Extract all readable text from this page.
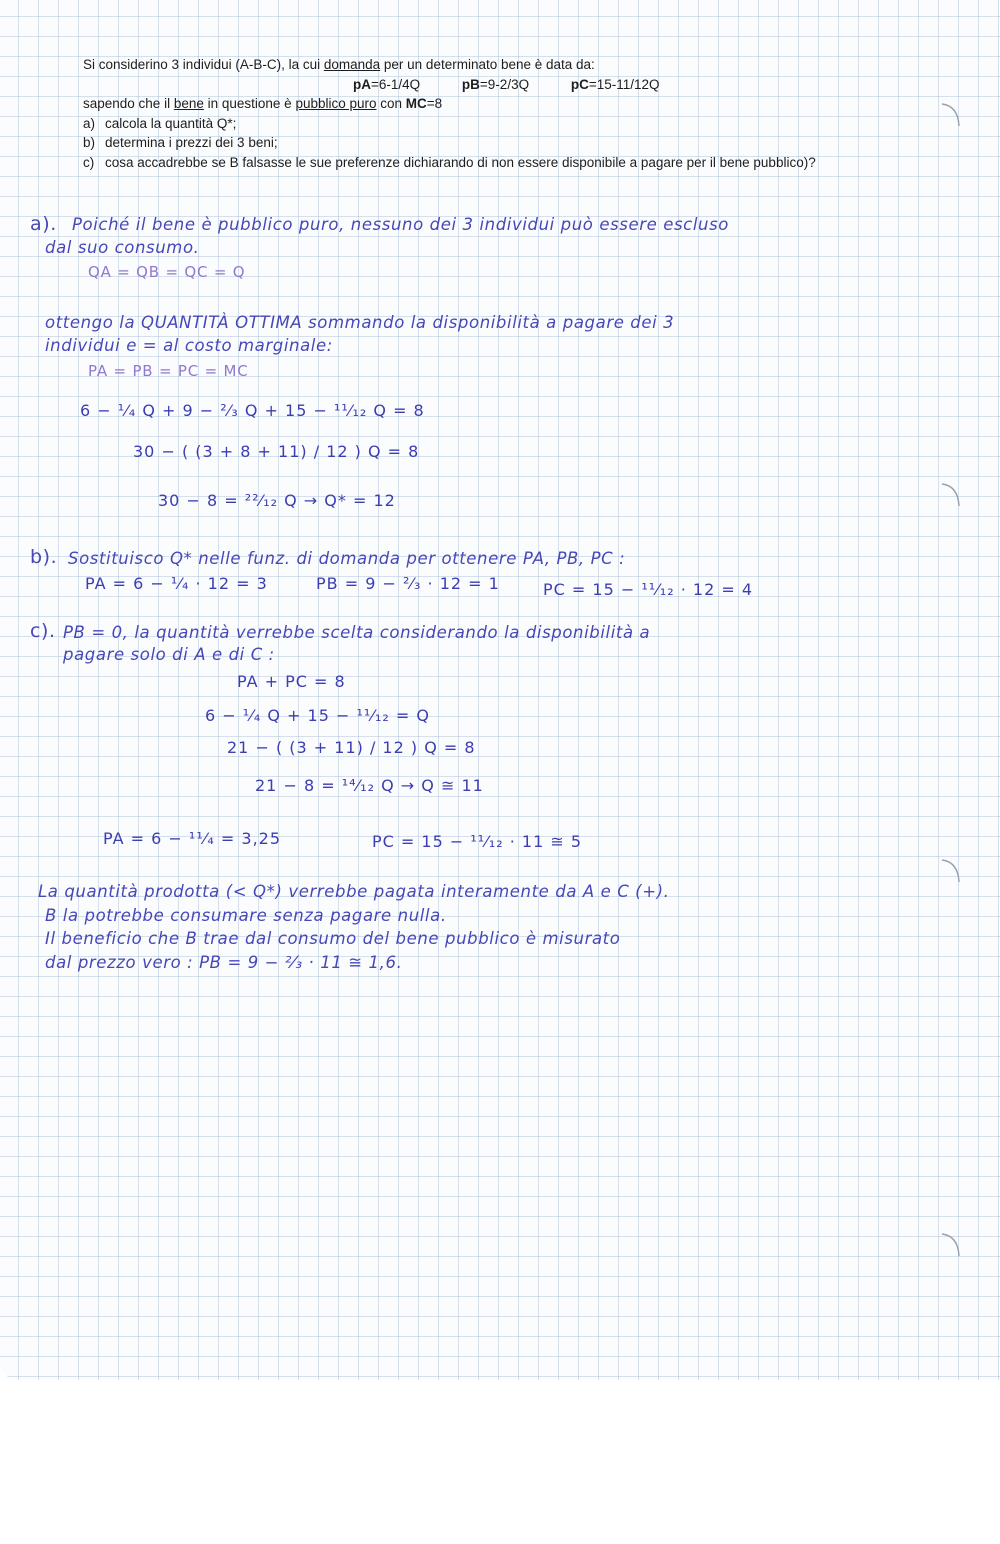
Si considerino 3 individui (A-B-C), la cui domanda per un determinato bene è data da:
pA=6-1/4Q	pB=9-2/3Q	pC=15-11/12Q
sapendo che il bene in questione è pubblico puro con MC=8
a) calcola la quantità Q*;
b) determina i prezzi dei 3 beni;
c) cosa accadrebbe se B falsasse le sue preferenze dichiarando di non essere disponibile a pagare per il bene pubblico)?
a). Poiché il bene è pubblico puro, nessuno dei 3 individui può essere escluso
dal suo consumo.
QA = QB = QC = Q
ottengo la QUANTITÀ OTTIMA sommando la disponibilità a pagare dei 3
individui e = al costo marginale:
PA = PB = PC = MC
6 − ¹⁄₄ Q + 9 − ²⁄₃ Q + 15 − ¹¹⁄₁₂ Q = 8
30 − ( (3 + 8 + 11) / 12 ) Q = 8
30 − 8 = ²²⁄₁₂ Q → Q* = 12
b). Sostituisco Q* nelle funz. di domanda per ottenere PA, PB, PC :
PA = 6 − ¹⁄₄ · 12 = 3	PB = 9 − ²⁄₃ · 12 = 1	PC = 15 − ¹¹⁄₁₂ · 12 = 4
c). PB = 0, la quantità verrebbe scelta considerando la disponibilità a
pagare solo di A e di C :
PA + PC = 8
6 − ¹⁄₄ Q + 15 − ¹¹⁄₁₂ = Q
21 − ( (3 + 11) / 12 ) Q = 8
21 − 8 = ¹⁴⁄₁₂ Q → Q ≅ 11
PA = 6 − ¹¹⁄₄ = 3,25	PC = 15 − ¹¹⁄₁₂ · 11 ≅ 5
La quantità prodotta (< Q*) verrebbe pagata interamente da A e C (+).
B la potrebbe consumare senza pagare nulla.
Il beneficio che B trae dal consumo del bene pubblico è misurato
dal prezzo vero : PB = 9 − ²⁄₃ · 11 ≅ 1,6.
